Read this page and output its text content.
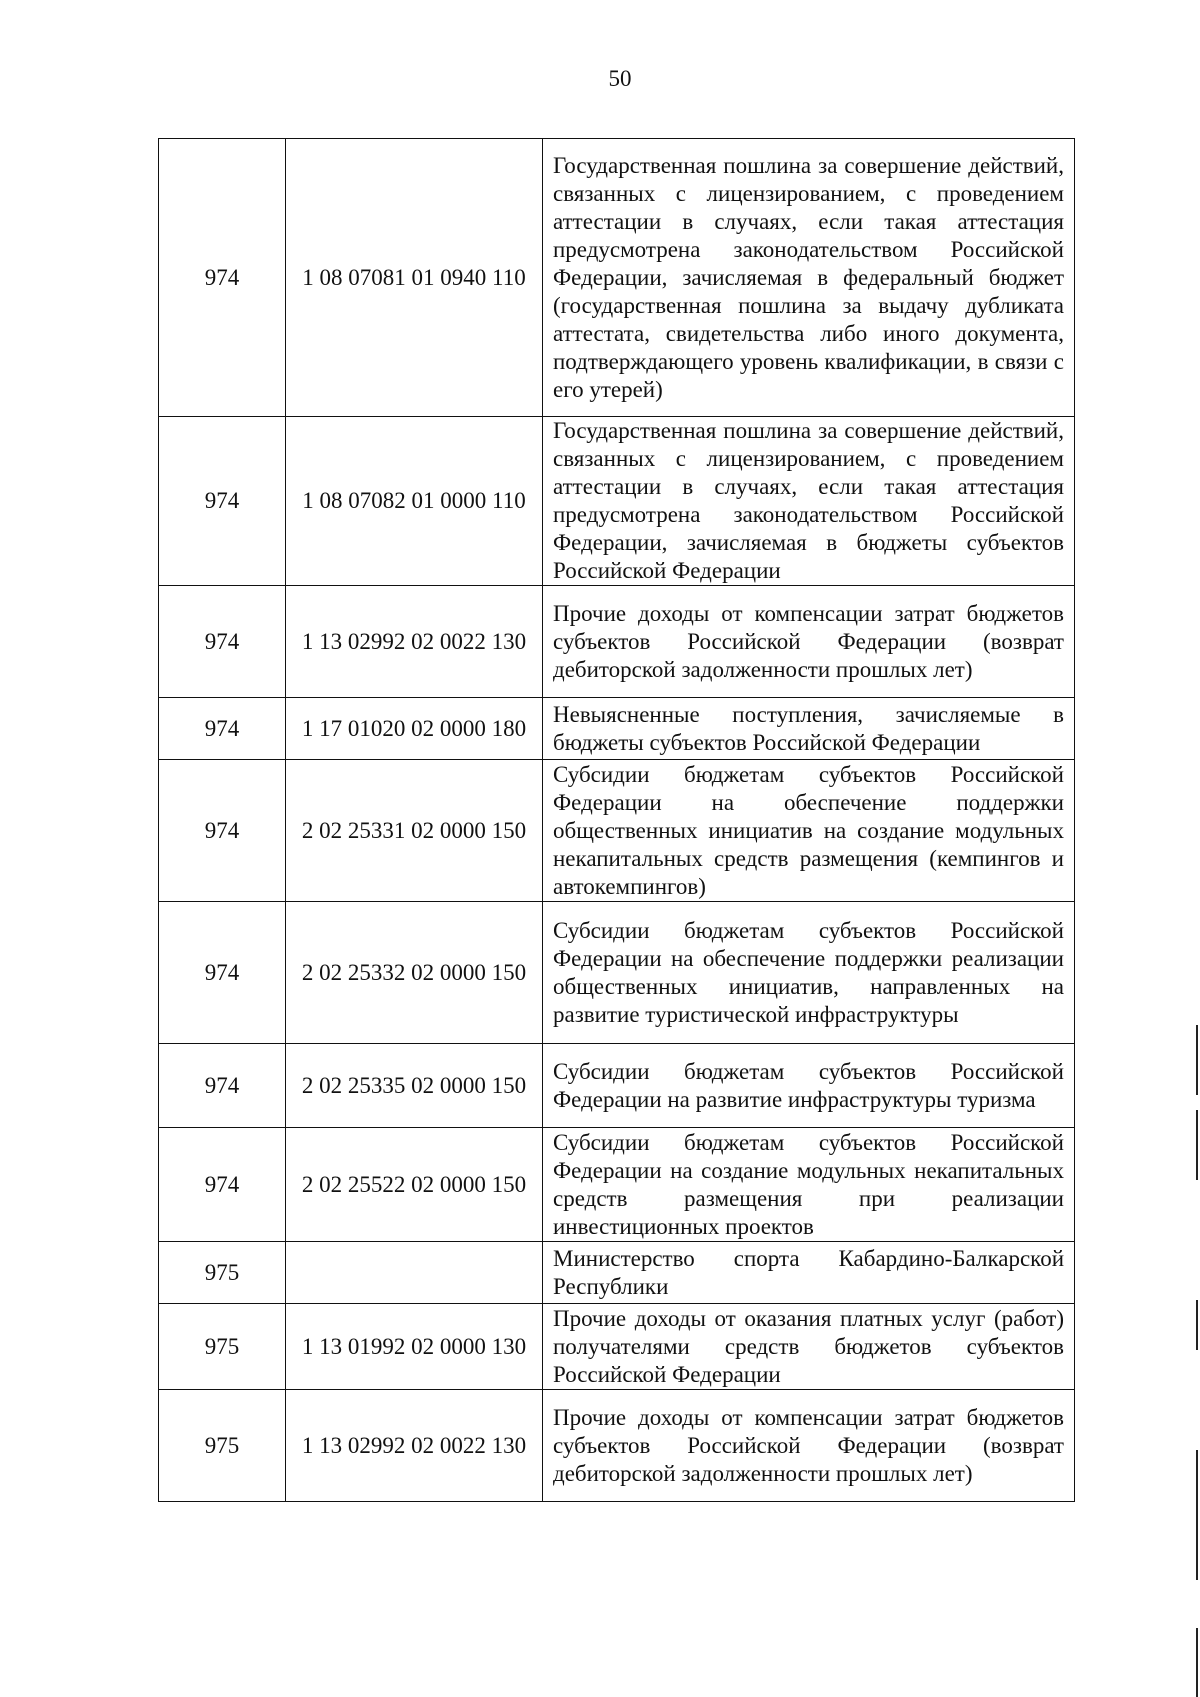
50
974	1 08 07081 01 0940 110	Государственная пошлина за совершение действий, связанных с лицензированием, с проведением аттестации в случаях, если такая аттестация предусмотрена законодательством Российской Федерации, зачисляемая в федеральный бюджет (государственная пошлина за выдачу дубликата аттестата, свидетельства либо иного документа, подтверждающего уровень квалификации, в связи с его утерей)
974	1 08 07082 01 0000 110	Государственная пошлина за совершение действий, связанных с лицензированием, с проведением аттестации в случаях, если такая аттестация предусмотрена законодательством Российской Федерации, зачисляемая в бюджеты субъектов Российской Федерации
974	1 13 02992 02 0022 130	Прочие доходы от компенсации затрат бюджетов субъектов Российской Федерации (возврат дебиторской задолженности прошлых лет)
974	1 17 01020 02 0000 180	Невыясненные поступления, зачисляемые в бюджеты субъектов Российской Федерации
974	2 02 25331 02 0000 150	Субсидии бюджетам субъектов Российской Федерации на обеспечение поддержки общественных инициатив на создание модульных некапитальных средств размещения (кемпингов и автокемпингов)
974	2 02 25332 02 0000 150	Субсидии бюджетам субъектов Российской Федерации на обеспечение поддержки реализации общественных инициатив, направленных на развитие туристической инфраструктуры
974	2 02 25335 02 0000 150	Субсидии бюджетам субъектов Российской Федерации на развитие инфраструктуры туризма
974	2 02 25522 02 0000 150	Субсидии бюджетам субъектов Российской Федерации на создание модульных некапитальных средств размещения при реализации инвестиционных проектов
975		Министерство спорта Кабардино-Балкарской Республики
975	1 13 01992 02 0000 130	Прочие доходы от оказания платных услуг (работ) получателями средств бюджетов субъектов Российской Федерации
975	1 13 02992 02 0022 130	Прочие доходы от компенсации затрат бюджетов субъектов Российской Федерации (возврат дебиторской задолженности прошлых лет)
